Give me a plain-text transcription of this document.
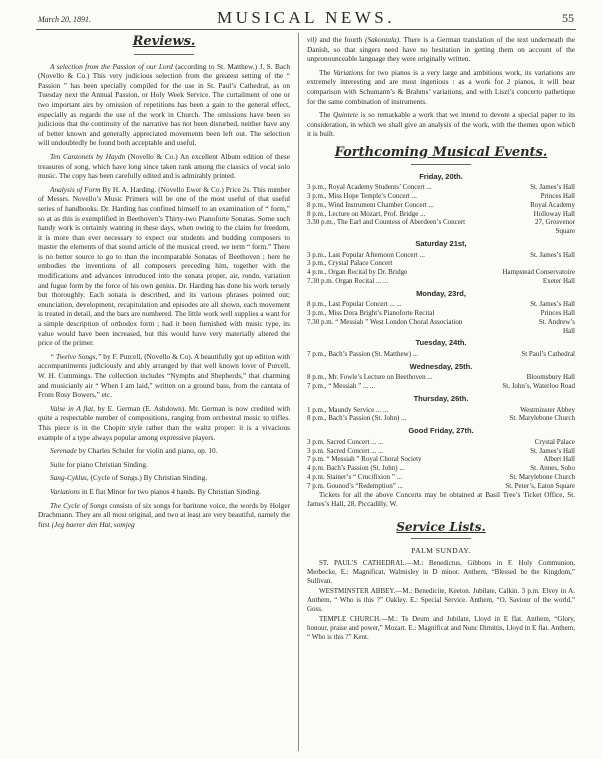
March 20, 1891.	MUSICAL NEWS.	55
Reviews.

A selection from the Passion of our Lord (according to St. Matthew.) J. S. Bach (Novello & Co.) This very judicious selection from the greatest setting of the “ Passion ” has been specially compiled for the use in St. Paul’s Cathedral, as on Tuesday next the Annual Passion, or Holy Week Service. The curtailment of one or two important airs by omission of repetitions has been a gain to the general effect, especially as regards the use of the work in Church. The omissions have been so judicious that the continuity of the narrative has not been disturbed, neither have any of better known and generally appreciated movements been left out. The selection will undoubtedly be found both acceptable and useful.

Ten Canzonets by Haydn (Novello & Co.) An excellent Album edition of these treasures of song, which have long since taken rank among the classics of vocal solo music. The copy has been carefully edited and is admirably printed.

Analysis of Form By H. A. Harding. (Novello Ewer & Co.) Price 2s. This number of Messrs. Novello’s Music Primers will be one of the most useful of that useful series of handbooks. Dr. Harding has confined himself to an examination of “ form,” so at as this is exemplified in Beethoven’s Thirty-two Pianoforte Sonatas. Some such handy work is certainly wanting in these days, when owing to the claim for freedom, it is more than ever necessary to expect our students and budding composers to master the elements of that sound article of the musical creed, we term “ form.” There is no better source to go to than the incomparable Sonatas of Beethoven ; here he embodies the inventions of all composers preceding him, together with the modifications and advances introduced into the sonata proper, air, rondo, variation and fugue form by the force of his own genius. Dr. Harding has done his work tersely but thoroughly. Each sonata is described, and its various phrases pointed out; enunciation, development, recapitulation and episodes are all shown, each movement is treated in detail, and the bars are numbered. The little work well supplies a want for a simple description of orthodox form ; had it been furnished with music type, its value would have been increased, but this would have very materially altered the price of the primer.

“ Twelve Songs,” by F. Purcell, (Novello & Co). A beautifully got up edition with accompaniments judiciously and ably arranged by that well known lover of Purcell, W. H. Cummings. The collection includes “Nymphs and Shepherds,” that charming and musicianly air “ When I am laid,” written on a ground bass, from the cantata of From Rosy Bowers,” etc.

Valse in A flat, by E. German (E. Ashdown). Mr. German is now credited with quite a respectable number of compositions, ranging from orchestral music to trifles. This piece is in the Chopin style rather than the waltz proper: it is a vivacious example of a type always popular among expressive players.

Serenade by Charles Schuler for violin and piano, op. 10.

Suite for piano Christian Sinding.

Sang-Cyklus, (Cycle of Songs.) By Christian Sinding.

Variations in E flat Minor for two pianos 4 hands. By Christian Sinding.

The Cycle of Songs consists of six songs for baritone voice, the words by Holger Drachmann. They are all most original, and two at least are very beautiful, namely the first (Jeg baerer den Hat, somjeg

vil) and the fourth (Sakontala). There is a German translation of the text underneath the Danish, so that singers need have no hesitation in getting them on account of the unpronounceable language they were originally written.

The Variations for two pianos is a very large and ambitious work, its variations are extremely interesting and are most ingenious : as a work for 2 pianos, it will bear comparison with Schumann’s & Brahms’ variations, and with Liszt’s concerto pathetique for the same combination of instruments.

The Quintete is so remarkable a work that we intend to devote a special paper to its consideration, in which we shall give an analysis of the work, with the themes upon which it is built.

Forthcoming Musical Events.
Friday, 20th.
3 p.m., Royal Academy Students’ Concert ...	St. James’s Hall
3 p.m., Miss Hope Temple’s Concert ...	Princes Hall
8 p.m., Wind Instrument Chamber Concert ...	Royal Academy
8 p.m., Lecture on Mozart, Prof. Bridge ...	Holloway Hall
3.30 p.m., The Earl and Countess of Aberdeen’s Concert	27, Grosvenor
Square
Saturday 21st,
3 p.m., Last Popular Afternoon Concert ...	St. James’s Hall
3 p.m., Crystal Palace Concert
4 p.m., Organ Recital by Dr. Bridge	Hampstead Conservatoire
7.30 p.m. Organ Recital ... ...	Exeter Hall
Monday, 23rd,
8 p.m., Last Popular Concert ... ...	St. James’s Hall
3 p.m., Miss Dora Bright’s Pianoforte Recital	Princes Hall
7.30 p.m. “ Messiah ” West London Choral Association	St. Andrew’s
Hall
Tuesday, 24th.
7 p.m., Bach’s Passion (St. Matthew) ...	St Paul’s Cathedral
Wednesday, 25th.
8 p.m., Mr. Fowle’s Lecture on Beethoven ...	Bloomsbury Hall
7 p.m., “ Messiah ” ... ...	St. John’s, Waterloo Road
Thursday, 26th.
1 p.m., Maundy Service ... ...	Westminster Abbey
8 p.m., Bach’s Passion (St. John) ...	St. Marylebone Church
Good Friday, 27th.
3 p.m. Sacred Concert ... ...	Crystal Palace
3 p.m. Sacred Concert ... ...	St. James’s Hall
7 p.m. “ Messiah ” Royal Choral Society	Albert Hall
4 p.m. Bach’s Passion (St. John) ...	St. Annes, Soho
4 p.m. Stainer’s “ Crucifixion ” ...	St. Marylebone Church
7 p.m. Gounod’s “Redemption” ...	St. Peter’s, Eaton Square

Tickets for all the above Concerts may be obtained at Basil Tree’s Ticket Office, St. James’s Hall, 28, Piccadilly, W.

Service Lists.
PALM SUNDAY.

ST. PAUL’S CATHEDRAL.—M.: Benedictus, Gibbons in F. Holy Communion, Merbecke, E.: Magnificat, Walmisley in D minor. Anthem, “Blessed be the Kingdom,” Sullivan.

WESTMINSTER ABBEY.—M.: Benedicite, Keeton. Jubilate, Calkin. 3 p.m. Elvey in A. Anthem, “ Who is this ?” Oakley. E.: Special Service. Anthem, “O, Saviour of the world,” Goss.

TEMPLE CHURCH.—M.: Te Deum and Jubilate, Lloyd in E flat. Anthem, “Glory, honour, praise and power,” Mozart. E.: Magnificat and Nunc Dimittis, Lloyd in E flat. Anthem, “ Who is this ?” Kent.
